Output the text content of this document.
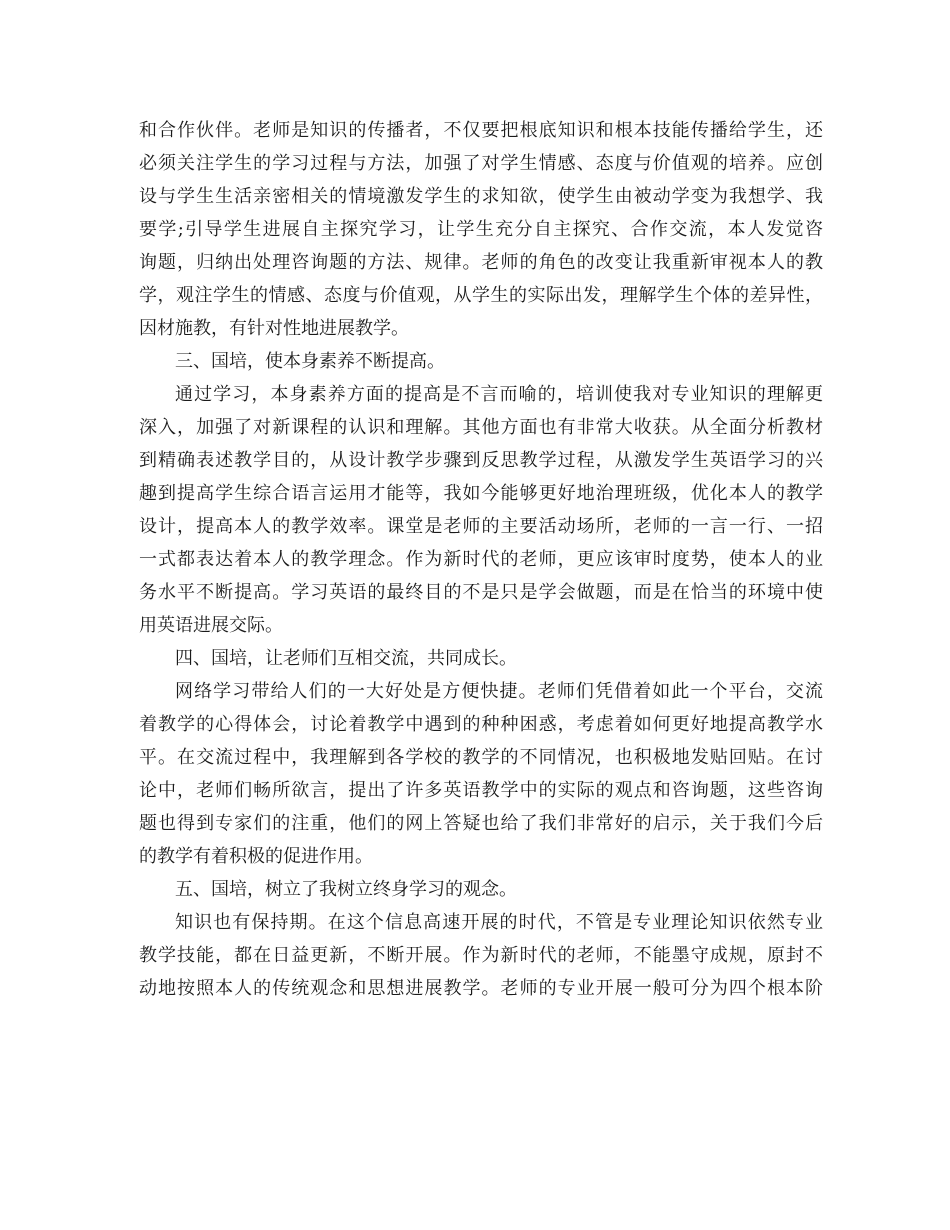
和合作伙伴。老师是知识的传播者，不仅要把根底知识和根本技能传播给学生，还
必须关注学生的学习过程与方法，加强了对学生情感、态度与价值观的培养。应创
设与学生生活亲密相关的情境激发学生的求知欲，使学生由被动学变为我想学、我
要学;引导学生进展自主探究学习，让学生充分自主探究、合作交流，本人发觉咨
询题，归纳出处理咨询题的方法、规律。老师的角色的改变让我重新审视本人的教
学，观注学生的情感、态度与价值观，从学生的实际出发，理解学生个体的差异性，
因材施教，有针对性地进展教学。
三、国培，使本身素养不断提高。
通过学习，本身素养方面的提高是不言而喻的，培训使我对专业知识的理解更
深入，加强了对新课程的认识和理解。其他方面也有非常大收获。从全面分析教材
到精确表述教学目的，从设计教学步骤到反思教学过程，从激发学生英语学习的兴
趣到提高学生综合语言运用才能等，我如今能够更好地治理班级，优化本人的教学
设计，提高本人的教学效率。课堂是老师的主要活动场所，老师的一言一行、一招
一式都表达着本人的教学理念。作为新时代的老师，更应该审时度势，使本人的业
务水平不断提高。学习英语的最终目的不是只是学会做题，而是在恰当的环境中使
用英语进展交际。
四、国培，让老师们互相交流，共同成长。
网络学习带给人们的一大好处是方便快捷。老师们凭借着如此一个平台，交流
着教学的心得体会，讨论着教学中遇到的种种困惑，考虑着如何更好地提高教学水
平。在交流过程中，我理解到各学校的教学的不同情况，也积极地发贴回贴。在讨
论中，老师们畅所欲言，提出了许多英语教学中的实际的观点和咨询题，这些咨询
题也得到专家们的注重，他们的网上答疑也给了我们非常好的启示，关于我们今后
的教学有着积极的促进作用。
五、国培，树立了我树立终身学习的观念。
知识也有保持期。在这个信息高速开展的时代，不管是专业理论知识依然专业
教学技能，都在日益更新，不断开展。作为新时代的老师，不能墨守成规，原封不
动地按照本人的传统观念和思想进展教学。老师的专业开展一般可分为四个根本阶
